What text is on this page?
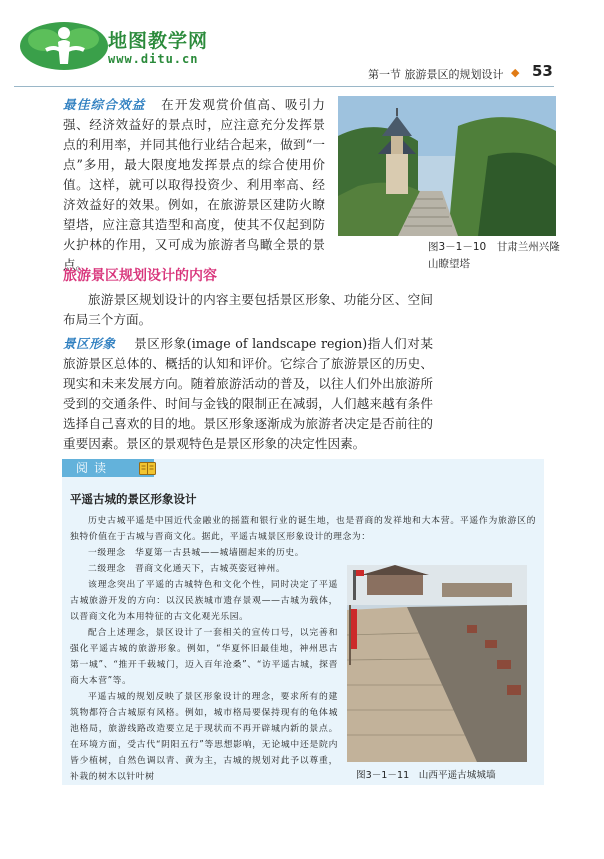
地图教学网
www.ditu.cn
第一节 旅游景区的规划设计 ◆ 53
最佳综合效益 在开发观赏价值高、吸引力强、经济效益好的景点时，应注意充分发挥景点的利用率，并同其他行业结合起来，做到“一点”多用，最大限度地发挥景点的综合使用价值。这样，就可以取得投资少、利用率高、经济效益好的效果。例如，在旅游景区建防火瞭望塔，应注意其造型和高度，使其不仅起到防火护林的作用，又可成为旅游者鸟瞰全景的景点。
图3－1－10　甘肃兰州兴隆山瞭望塔
旅游景区规划设计的内容
旅游景区规划设计的内容主要包括景区形象、功能分区、空间布局三个方面。
景区形象 景区形象(image of landscape region)指人们对某旅游景区总体的、概括的认知和评价。它综合了旅游景区的历史、现实和未来发展方向。随着旅游活动的普及，以往人们外出旅游所受到的交通条件、时间与金钱的限制正在减弱，人们越来越有条件选择自己喜欢的目的地。景区形象逐渐成为旅游者决定是否前往的重要因素。景区的景观特色是景区形象的决定性因素。
阅读
平遥古城的景区形象设计
历史古城平遥是中国近代金融业的摇篮和银行业的诞生地，也是晋商的发祥地和大本营。平遥作为旅游区的独特价值在于古城与晋商文化。据此，平遥古城景区形象设计的理念为：
一级理念　华夏第一古县城——城墙圈起来的历史。
二级理念　晋商文化通天下，古城英姿冠神州。
该理念突出了平遥的古城特色和文化个性，同时决定了平遥古城旅游开发的方向：以汉民族城市遗存景观——古城为载体，以晋商文化为本用特征的古文化观光乐园。
配合上述理念，景区设计了一套相关的宣传口号，以完善和强化平遥古城的旅游形象。例如，“华夏怀旧最佳地，神州思古第一城”、“推开千载城门，迈入百年沧桑”、“访平遥古城，探晋商大本营”等。
平遥古城的规划反映了景区形象设计的理念，要求所有的建筑物都符合古城原有风格。例如，城市格局要保持现有的龟体城池格局，旅游线路改造要立足于现状而不再开辟城内新的景点。在环境方面，受古代“阴阳五行”等思想影响，无论城中还是院内皆少植树，自然色调以青、黄为主，古城的规划对此予以尊重，补栽的树木以针叶树	图3－1－11　山西平遥古城城墙
